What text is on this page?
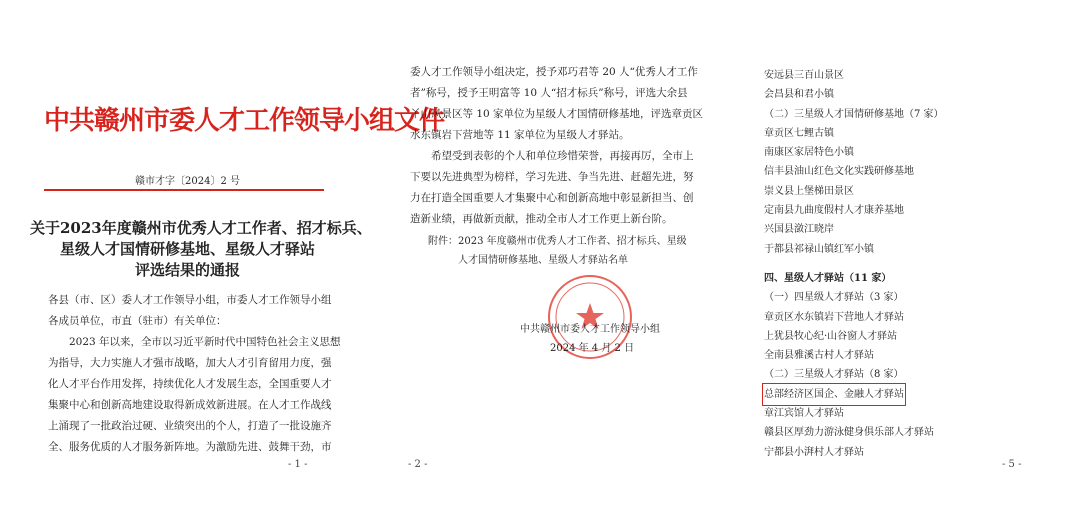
中共赣州市委人才工作领导小组文件
赣市才字〔2024〕2 号
关于2023年度赣州市优秀人才工作者、招才标兵、
星级人才国情研修基地、星级人才驿站
评选结果的通报
各县（市、区）委人才工作领导小组，市委人才工作领导小组
各成员单位，市直（驻市）有关单位：
　　2023 年以来，全市以习近平新时代中国特色社会主义思想
为指导，大力实施人才强市战略，加大人才引育留用力度，强
化人才平台作用发挥，持续优化人才发展生态，全国重要人才
集聚中心和创新高地建设取得新成效新进展。在人才工作战线
上涌现了一批政治过硬、业绩突出的个人，打造了一批设施齐
全、服务优质的人才服务新阵地。为激励先进、鼓舞干劲，市
- 1 -
委人才工作领导小组决定，授予邓巧君等 20 人“优秀人才工作
者”称号，授予王明富等 10 人“招才标兵”称号，评选大余县
丫山风景区等 10 家单位为星级人才国情研修基地，评选章贡区
水东镇岩下营地等 11 家单位为星级人才驿站。
　　希望受到表彰的个人和单位珍惜荣誉，再接再厉，全市上
下要以先进典型为榜样，学习先进、争当先进、赶超先进，努
力在打造全国重要人才集聚中心和创新高地中彰显新担当、创
造新业绩，再做新贡献，推动全市人才工作更上新台阶。
附件：2023 年度赣州市优秀人才工作者、招才标兵、星级
　　　人才国情研修基地、星级人才驿站名单
中共赣州市委人才工作领导小组
2024 年 4 月 2 日
- 2 -
安远县三百山景区
会昌县和君小镇
（二）三星级人才国情研修基地（7 家）
章贡区七鲤古镇
南康区家居特色小镇
信丰县油山红色文化实践研修基地
崇义县上堡梯田景区
定南县九曲度假村人才康养基地
兴国县潋江晓岸
于都县祁禄山镇红军小镇
四、星级人才驿站（11 家）
（一）四星级人才驿站（3 家）
章贡区水东镇岩下营地人才驿站
上犹县牧心纪·山谷窗人才驿站
全南县雅溪古村人才驿站
（二）三星级人才驿站（8 家）
总部经济区国企、金融人才驿站
章江宾馆人才驿站
赣县区厚劲力游泳健身俱乐部人才驿站
宁都县小湃村人才驿站
- 5 -
